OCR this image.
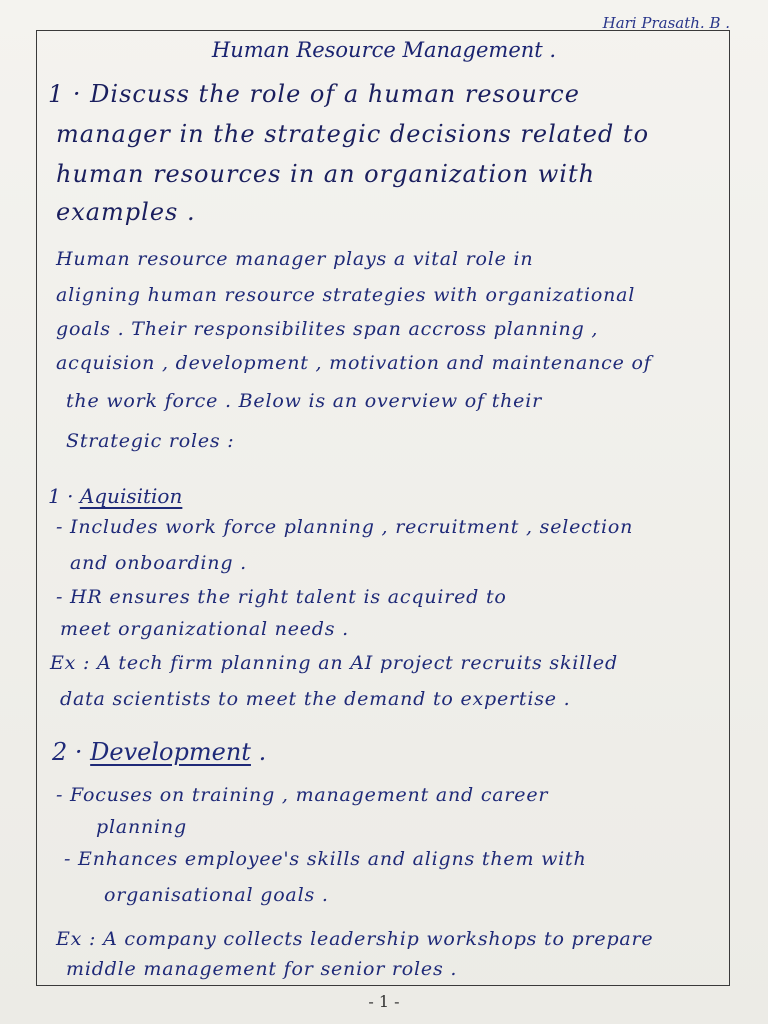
Hari Prasath. B .
Human Resource Management .
1 · Discuss the role of a human resource
manager in the strategic decisions related to
human resources in an organization with
examples .
Human resource manager plays a vital role in
aligning human resource strategies with organizational
goals . Their responsibilites span accross planning ,
acquision , development , motivation and maintenance of
the work force . Below is an overview of their
Strategic roles :
1 · Aquisition
- Includes work force planning , recruitment , selection
and onboarding .
- HR ensures the right talent is acquired to
meet organizational needs .
Ex : A tech firm planning an AI project recruits skilled
data scientists to meet the demand to expertise .
2 · Development .
- Focuses on training , management and career
planning
- Enhances employee's skills and aligns them with
organisational goals .
Ex : A company collects leadership workshops to prepare
middle management for senior roles .
- 1 -
